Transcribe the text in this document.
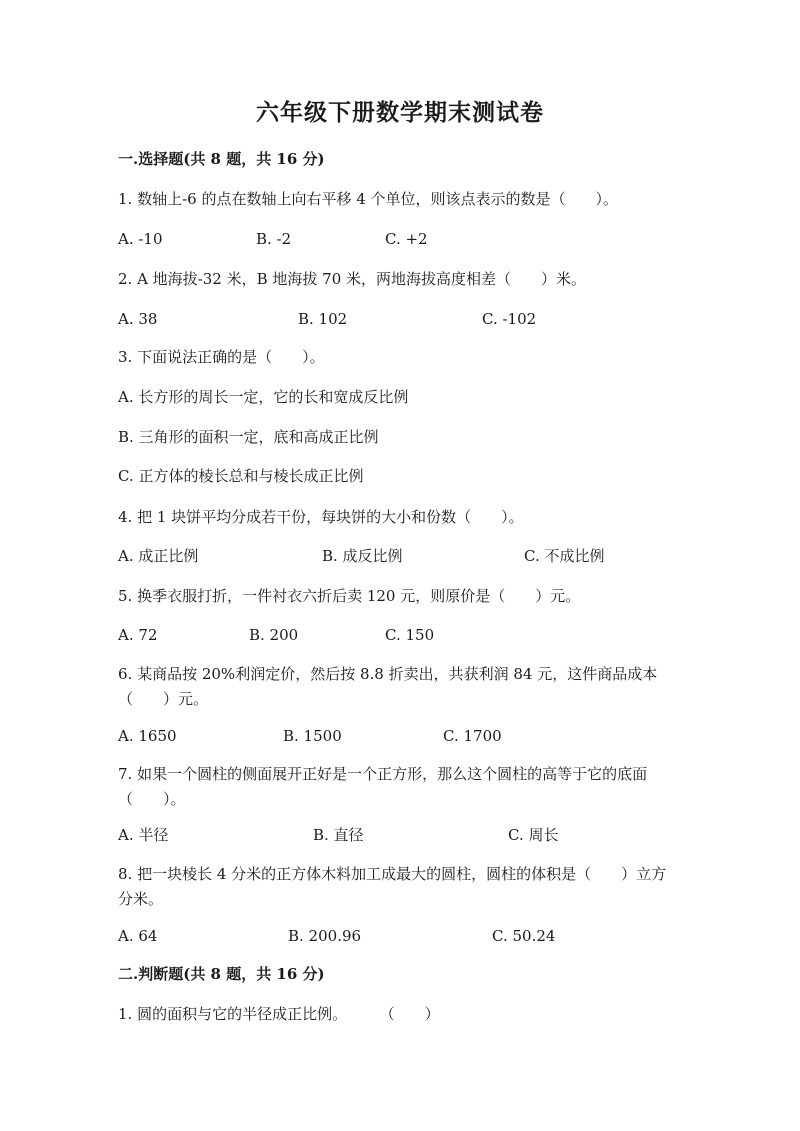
六年级下册数学期末测试卷
一.选择题(共 8 题，共 16 分)
1. 数轴上-6 的点在数轴上向右平移 4 个单位，则该点表示的数是（　　）。
A. -10	B. -2	C. +2
2. A 地海拔-32 米，B 地海拔 70 米，两地海拔高度相差（　　）米。
A. 38	B. 102	C. -102
3. 下面说法正确的是（　　）。
A. 长方形的周长一定，它的长和宽成反比例
B. 三角形的面积一定，底和高成正比例
C. 正方体的棱长总和与棱长成正比例
4. 把 1 块饼平均分成若干份，每块饼的大小和份数（　　）。
A. 成正比例	B. 成反比例	C. 不成比例
5. 换季衣服打折，一件衬衣六折后卖 120 元，则原价是（　　）元。
A. 72	B. 200	C. 150
6. 某商品按 20%利润定价，然后按 8.8 折卖出，共获利润 84 元，这件商品成本（　　）元。
A. 1650	B. 1500	C. 1700
7. 如果一个圆柱的侧面展开正好是一个正方形，那么这个圆柱的高等于它的底面（　　）。
A. 半径	B. 直径	C. 周长
8. 把一块棱长 4 分米的正方体木料加工成最大的圆柱，圆柱的体积是（　　）立方分米。
A. 64	B. 200.96	C. 50.24
二.判断题(共 8 题，共 16 分)
1. 圆的面积与它的半径成正比例。	（　　）
